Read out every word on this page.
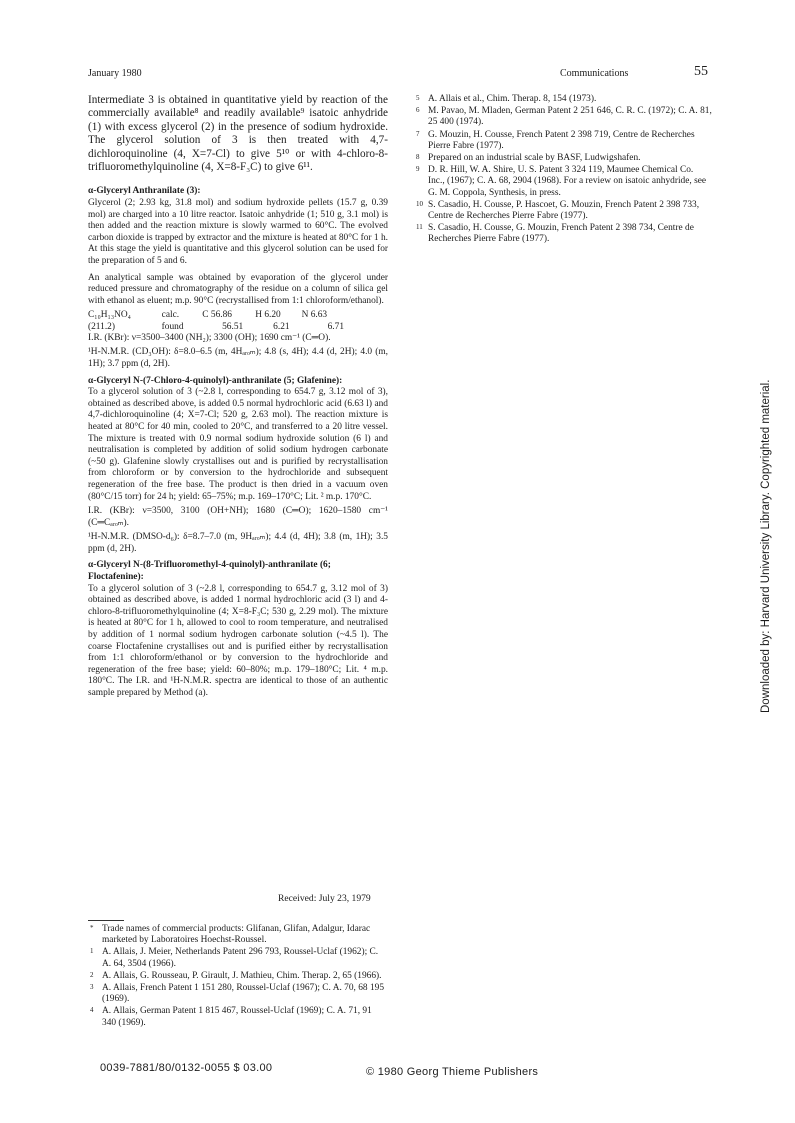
January 1980	Communications	55

Intermediate 3 is obtained in quantitative yield by reaction of the commercially available⁸ and readily available⁹ isatoic anhydride (1) with excess glycerol (2) in the presence of sodium hydroxide. The glycerol solution of 3 is then treated with 4,7-dichloroquinoline (4, X=7-Cl) to give 5¹⁰ or with 4-chloro-8-trifluoromethylquinoline (4, X=8-F₃C) to give 6¹¹.

α-Glyceryl Anthranilate (3):

Glycerol (2; 2.93 kg, 31.8 mol) and sodium hydroxide pellets (15.7 g, 0.39 mol) are charged into a 10 litre reactor. Isatoic anhydride (1; 510 g, 3.1 mol) is then added and the reaction mixture is slowly warmed to 60°C. The evolved carbon dioxide is trapped by extractor and the mixture is heated at 80°C for 1 h. At this stage the yield is quantitative and this glycerol solution can be used for the preparation of 5 and 6.

An analytical sample was obtained by evaporation of the glycerol under reduced pressure and chromatography of the residue on a column of silica gel with ethanol as eluent; m.p. 90°C (recrystallised from 1:1 chloroform/ethanol).

C₁₀H₁₃NO₄	calc.	C 56.86	H 6.20	N 6.63
(211.2)	found	56.51	6.21	6.71

I.R. (KBr): ν=3500–3400 (NH₂); 3300 (OH); 1690 cm⁻¹ (C═O).

¹H-N.M.R. (CD₃OH): δ=8.0–6.5 (m, 4Hₐᵣₒₘ); 4.8 (s, 4H); 4.4 (d, 2H); 4.0 (m, 1H); 3.7 ppm (d, 2H).

α-Glyceryl N-(7-Chloro-4-quinolyl)-anthranilate (5; Glafenine):

To a glycerol solution of 3 (~2.8 l, corresponding to 654.7 g, 3.12 mol of 3), obtained as described above, is added 0.5 normal hydrochloric acid (6.63 l) and 4,7-dichloroquinoline (4; X=7-Cl; 520 g, 2.63 mol). The reaction mixture is heated at 80°C for 40 min, cooled to 20°C, and transferred to a 20 litre vessel. The mixture is treated with 0.9 normal sodium hydroxide solution (6 l) and neutralisation is completed by addition of solid sodium hydrogen carbonate (~50 g). Glafenine slowly crystallises out and is purified by recrystallisation from chloroform or by conversion to the hydrochloride and subsequent regeneration of the free base. The product is then dried in a vacuum oven (80°C/15 torr) for 24 h; yield: 65–75%; m.p. 169–170°C; Lit. ² m.p. 170°C.

I.R. (KBr): ν=3500, 3100 (OH+NH); 1680 (C═O); 1620–1580 cm⁻¹ (C═Cₐᵣₒₘ).

¹H-N.M.R. (DMSO-d₆): δ=8.7–7.0 (m, 9Hₐᵣₒₘ); 4.4 (d, 4H); 3.8 (m, 1H); 3.5 ppm (d, 2H).

α-Glyceryl N-(8-Trifluoromethyl-4-quinolyl)-anthranilate (6; Floctafenine):

To a glycerol solution of 3 (~2.8 l, corresponding to 654.7 g, 3.12 mol of 3) obtained as described above, is added 1 normal hydrochloric acid (3 l) and 4-chloro-8-trifluoromethylquinoline (4; X=8-F₃C; 530 g, 2.29 mol). The mixture is heated at 80°C for 1 h, allowed to cool to room temperature, and neutralised by addition of 1 normal sodium hydrogen carbonate solution (~4.5 l). The coarse Floctafenine crystallises out and is purified either by recrystallisation from 1:1 chloroform/ethanol or by conversion to the hydrochloride and regeneration of the free base; yield: 60–80%; m.p. 179–180°C; Lit. ⁴ m.p. 180°C. The I.R. and ¹H-N.M.R. spectra are identical to those of an authentic sample prepared by Method (a).

Received: July 23, 1979
* Trade names of commercial products: Glifanan, Glifan, Adalgur, Idarac marketed by Laboratoires Hoechst-Roussel.
1 A. Allais, J. Meier, Netherlands Patent 296 793, Roussel-Uclaf (1962); C. A. 64, 3504 (1966).
2 A. Allais, G. Rousseau, P. Girault, J. Mathieu, Chim. Therap. 2, 65 (1966).
3 A. Allais, French Patent 1 151 280, Roussel-Uclaf (1967); C. A. 70, 68 195 (1969).
4 A. Allais, German Patent 1 815 467, Roussel-Uclaf (1969); C. A. 71, 91 340 (1969).
5 A. Allais et al., Chim. Therap. 8, 154 (1973).
6 M. Pavao, M. Mladen, German Patent 2 251 646, C. R. C. (1972); C. A. 81, 25 400 (1974).
7 G. Mouzin, H. Cousse, French Patent 2 398 719, Centre de Recherches Pierre Fabre (1977).
8 Prepared on an industrial scale by BASF, Ludwigshafen.
9 D. R. Hill, W. A. Shire, U. S. Patent 3 324 119, Maumee Chemical Co. Inc., (1967); C. A. 68, 2904 (1968). For a review on isatoic anhydride, see G. M. Coppola, Synthesis, in press.
10 S. Casadio, H. Cousse, P. Hascoet, G. Mouzin, French Patent 2 398 733, Centre de Recherches Pierre Fabre (1977).
11 S. Casadio, H. Cousse, G. Mouzin, French Patent 2 398 734, Centre de Recherches Pierre Fabre (1977).
0039-7881/80/0132-0055 $ 03.00	© 1980 Georg Thieme Publishers
Downloaded by: Harvard University Library. Copyrighted material.
